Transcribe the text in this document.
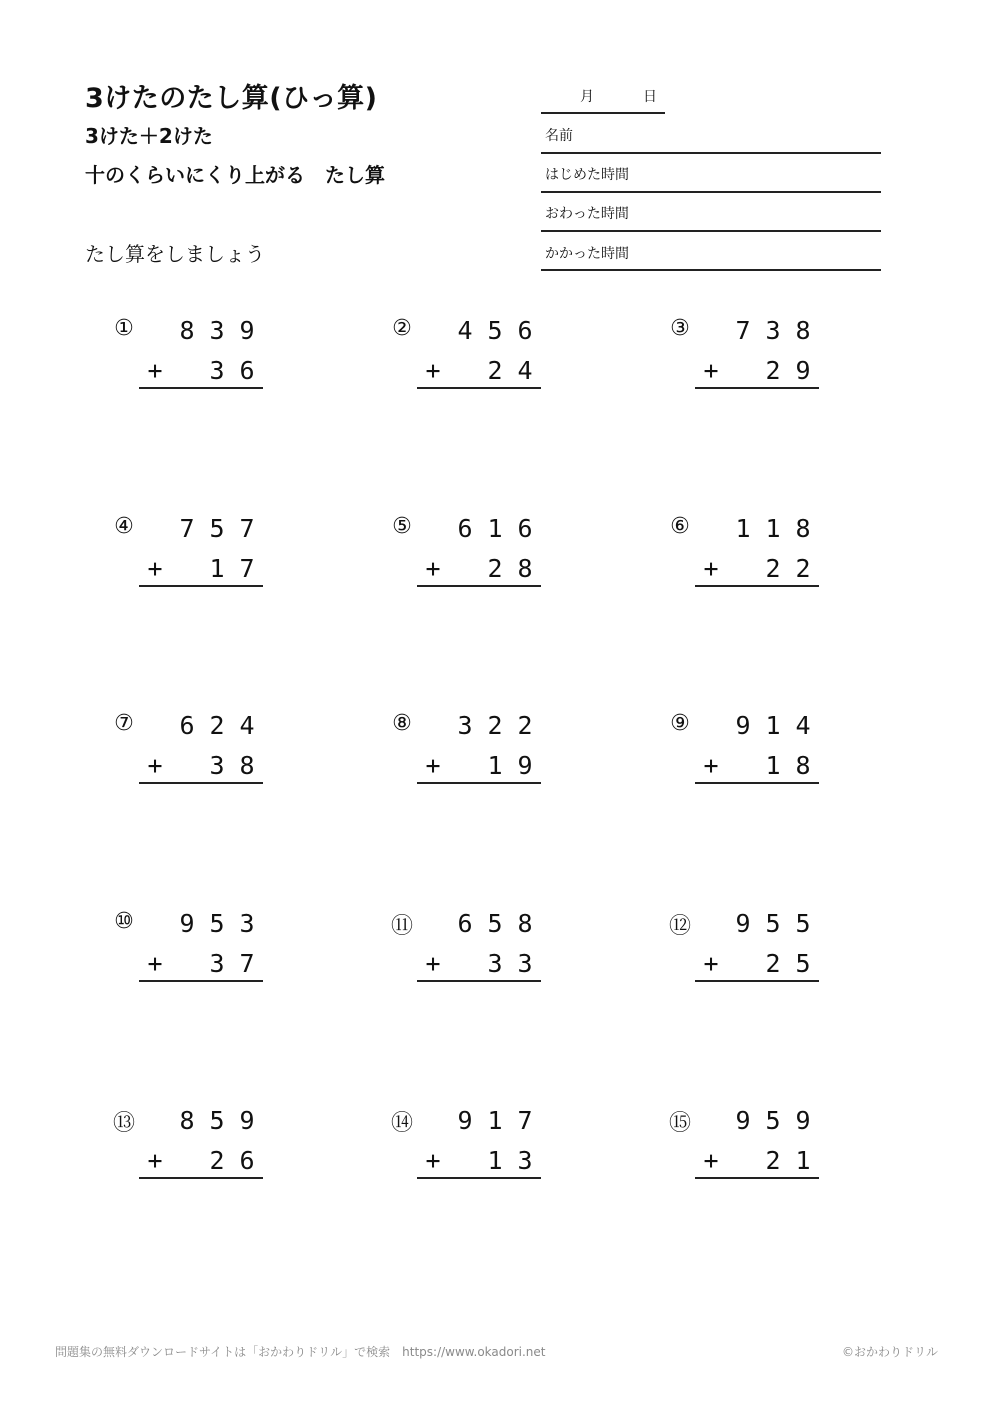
3けたのたし算(ひっ算)
3けた＋2けた
十のくらいにくり上がる　たし算
たし算をしましょう
月	日
名前
はじめた時間
おわった時間
かかった時間
① 8 3 9
+ 3 6
② 4 5 6
+ 2 4
③ 7 3 8
+ 2 9
④ 7 5 7
+ 1 7
⑤ 6 1 6
+ 2 8
⑥ 1 1 8
+ 2 2
⑦ 6 2 4
+ 3 8
⑧ 3 2 2
+ 1 9
⑨ 9 1 4
+ 1 8
⑩ 9 5 3
+ 3 7
⑪ 6 5 8
+ 3 3
⑫ 9 5 5
+ 2 5
⑬ 8 5 9
+ 2 6
⑭ 9 1 7
+ 1 3
⑮ 9 5 9
+ 2 1
問題集の無料ダウンロードサイトは「おかわりドリル」で検索　https://www.okadori.net	©おかわりドリル
